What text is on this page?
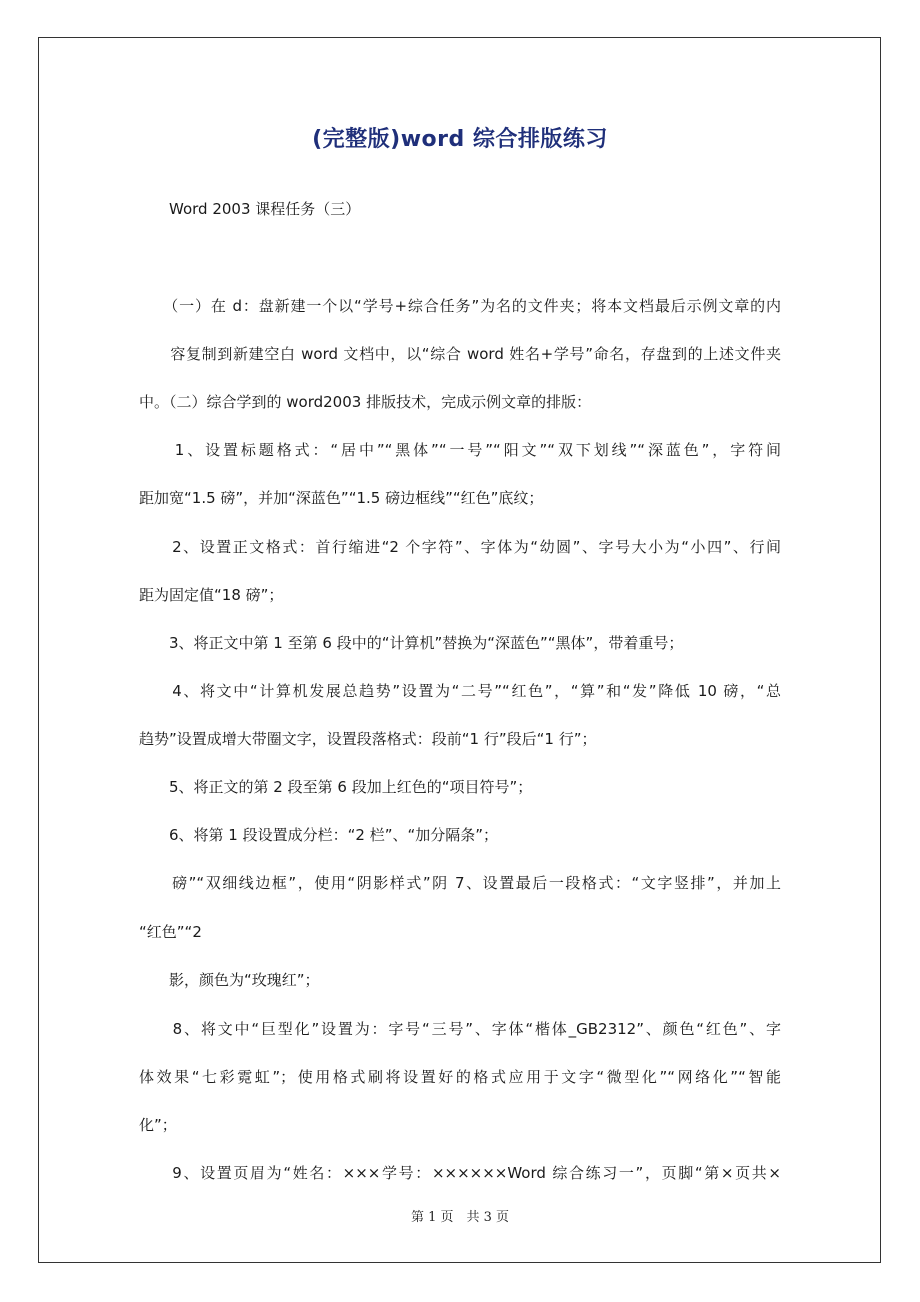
(完整版)word 综合排版练习
　　Word 2003 课程任务（三）
　　（一）在 d：盘新建一个以“学号+综合任务”为名的文件夹；将本文档最后示例文章的内
　　容复制到新建空白 word 文档中，以“综合 word 姓名+学号”命名，存盘到的上述文件夹
中。（二）综合学到的 word2003 排版技术，完成示例文章的排版：
　　1、设置标题格式：“居中”“黑体”“一号”“阳文”“双下划线”“深蓝色”，字符间
距加宽“1.5 磅”，并加“深蓝色”“1.5 磅边框线”“红色”底纹；
　　2、设置正文格式：首行缩进“2 个字符”、字体为“幼圆”、字号大小为“小四”、行间
距为固定值“18 磅”；
　　3、将正文中第 1 至第 6 段中的“计算机”替换为“深蓝色”“黑体”，带着重号；
　　4、将文中“计算机发展总趋势”设置为“二号”“红色”，“算”和“发”降低 10 磅，“总
趋势”设置成增大带圈文字，设置段落格式：段前“1 行”段后“1 行”；
　　5、将正文的第 2 段至第 6 段加上红色的“项目符号”；
　　6、将第 1 段设置成分栏：“2 栏”、“加分隔条”；
　　磅”“双细线边框”，使用“阴影样式”阴 7、设置最后一段格式：“文字竖排”，并加上
“红色”“2
　　影，颜色为“玫瑰红”；
　　8、将文中“巨型化”设置为：字号“三号”、字体“楷体_GB2312”、颜色“红色”、字
体效果“七彩霓虹”；使用格式刷将设置好的格式应用于文字“微型化”“网络化”“智能
化”；
　　9、设置页眉为“姓名：×××学号：××××××Word 综合练习一”，页脚“第×页共×
第 1 页　共 3 页
